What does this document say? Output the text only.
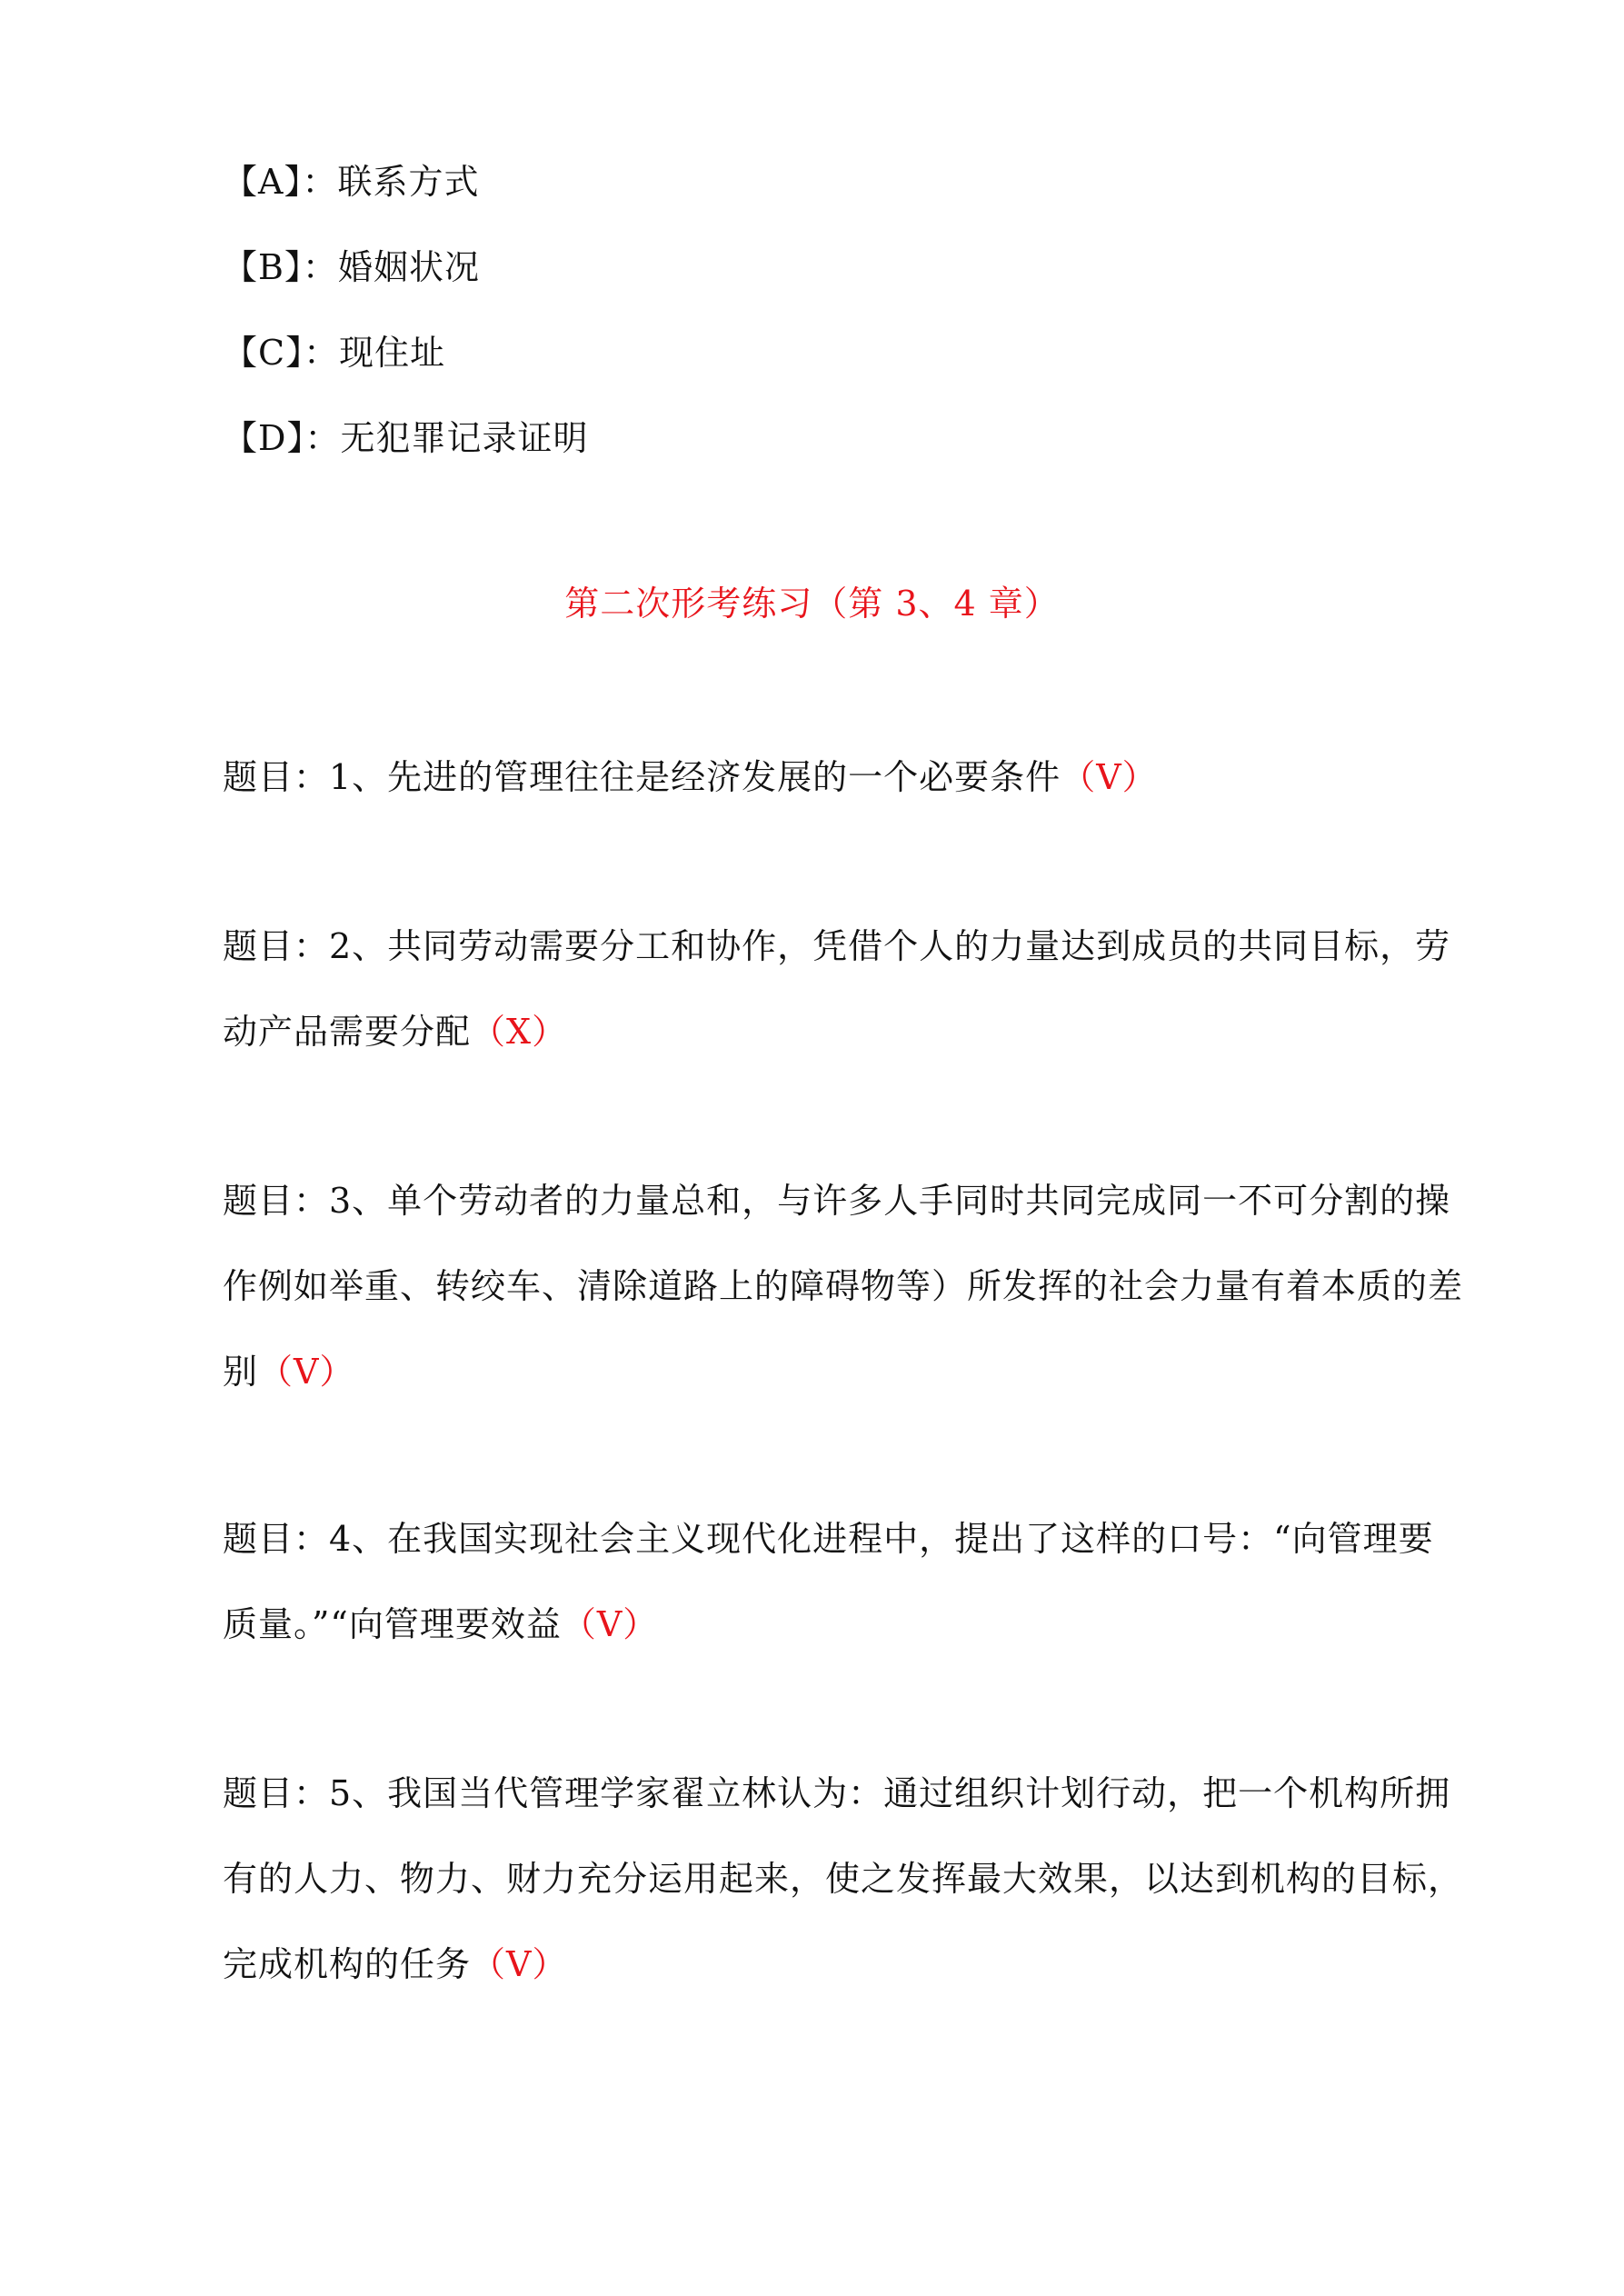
【A】：联系方式
【B】：婚姻状况
【C】：现住址
【D】：无犯罪记录证明
第二次形考练习（第 3、4 章）
题目：1、先进的管理往往是经济发展的一个必要条件（V）
题目：2、共同劳动需要分工和协作，凭借个人的力量达到成员的共同目标，劳
动产品需要分配（X）
题目：3、单个劳动者的力量总和，与许多人手同时共同完成同一不可分割的操
作例如举重、转绞车、清除道路上的障碍物等）所发挥的社会力量有着本质的差
别（V）
题目：4、在我国实现社会主义现代化进程中，提出了这样的口号：“向管理要
质量。”“向管理要效益（V）
题目：5、我国当代管理学家翟立林认为：通过组织计划行动，把一个机构所拥
有的人力、物力、财力充分运用起来，使之发挥最大效果，以达到机构的目标，
完成机构的任务（V）
